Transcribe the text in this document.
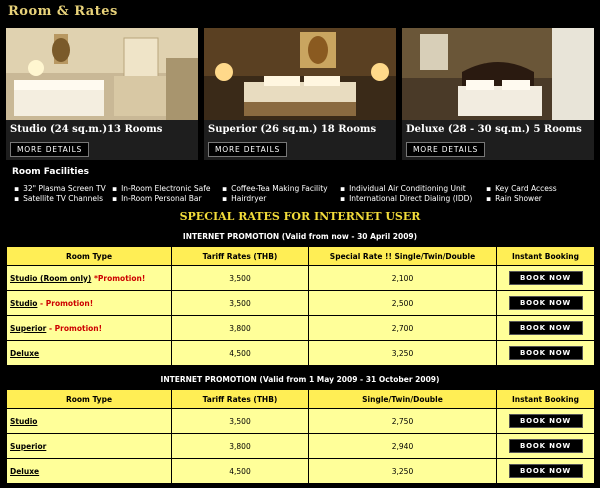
Room & Rates
Studio (24 sq.m.)13 Rooms
MORE DETAILS
Superior (26 sq.m.) 18 Rooms
MORE DETAILS
Deluxe (28 - 30 sq.m.) 5 Rooms
MORE DETAILS
Room Facilities
▪ 32" Plasma Screen TV	▪ In-Room Electronic Safe	▪ Coffee-Tea Making Facility	▪ Individual Air Conditioning Unit	▪ Key Card Access
▪ Satellite TV Channels	▪ In-Room Personal Bar	▪ Hairdryer	▪ International Direct Dialing (IDD)	▪ Rain Shower
SPECIAL RATES FOR INTERNET USER
INTERNET PROMOTION (Valid from now - 30 April 2009)
Room Type	Tariff Rates (THB)	Special Rate !! Single/Twin/Double	Instant Booking
Studio (Room only) *Promotion!	3,500	2,100	BOOK NOW
Studio - Promotion!	3,500	2,500	BOOK NOW
Superior - Promotion!	3,800	2,700	BOOK NOW
Deluxe	4,500	3,250	BOOK NOW
INTERNET PROMOTION (Valid from 1 May 2009 - 31 October 2009)
Room Type	Tariff Rates (THB)	Single/Twin/Double	Instant Booking
Studio	3,500	2,750	BOOK NOW
Superior	3,800	2,940	BOOK NOW
Deluxe	4,500	3,250	BOOK NOW
